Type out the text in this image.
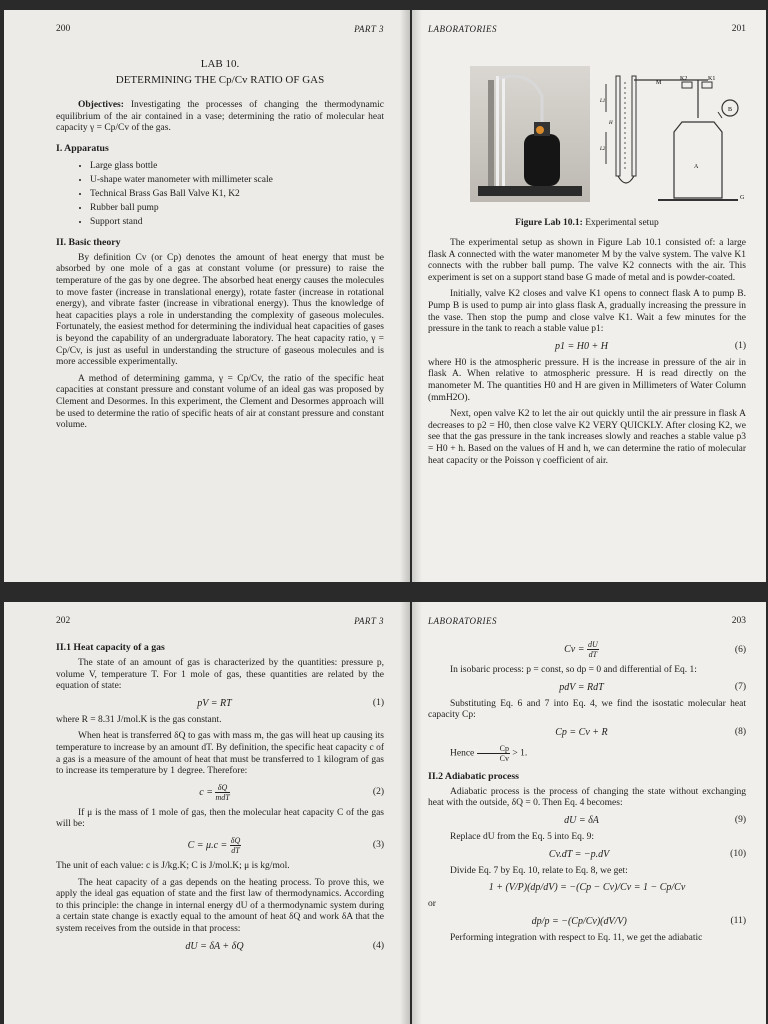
200	PART 3
LAB 10.
DETERMINING THE Cp/Cv RATIO OF GAS

Objectives: Investigating the processes of changing the thermodynamic equilibrium of the air contained in a vase; determining the ratio of molecular heat capacity γ = Cp/Cv of the gas.

I. Apparatus
• Large glass bottle
• U-shape water manometer with millimeter scale
• Technical Brass Gas Ball Valve K1, K2
• Rubber ball pump
• Support stand
II. Basic theory

By definition Cv (or Cp) denotes the amount of heat energy that must be absorbed by one mole of a gas at constant volume (or pressure) to raise the temperature of the gas by one degree. The absorbed heat energy causes the molecules to move faster (increase in translational energy), rotate faster (increase in rotational energy), and vibrate faster (increase in vibrational energy). Thus the knowledge of heat capacities plays a role in understanding the complexity of gaseous molecules. Fortunately, the easiest method for determining the individual heat capacities of gases is beyond the capability of an undergraduate laboratory. The heat capacity ratio, γ = Cp/Cv, is just as useful in understanding the structure of gaseous molecules and is more accessible experimentally.

A method of determining gamma, γ = Cp/Cv, the ratio of the specific heat capacities at constant pressure and constant volume of an ideal gas was proposed by Clement and Desormes. In this experiment, the Clement and Desormes approach will be used to determine the ratio of specific heats of air at constant pressure and constant volume.

LABORATORIES	201
M
K2	K1
B
A
G
L1
H
L2
Figure Lab 10.1: Experimental setup

The experimental setup as shown in Figure Lab 10.1 consisted of: a large flask A connected with the water manometer M by the valve system. The valve K1 connects with the rubber ball pump. The valve K2 connects with the air. This experiment is set on a support stand base G made of metal and is powder-coated.

Initially, valve K2 closes and valve K1 opens to connect flask A to pump B. Pump B is used to pump air into glass flask A, gradually increasing the pressure in the vase. Then stop the pump and close valve K1. Wait a few minutes for the pressure in the tank to reach a stable value p1:

p1 = H0 + H	(1)

where H0 is the atmospheric pressure. H is the increase in pressure of the air in flask A. When relative to atmospheric pressure. H is read directly on the manometer M. The quantities H0 and H are given in Millimeters of Water Column (mmH2O).

Next, open valve K2 to let the air out quickly until the air pressure in flask A decreases to p2 = H0, then close valve K2 VERY QUICKLY. After closing K2, we see that the gas pressure in the tank increases slowly and reaches a stable value p3 = H0 + h. Based on the values of H and h, we can determine the ratio of molecular heat capacity or the Poisson γ coefficient of air.

202	PART 3
II.1 Heat capacity of a gas

The state of an amount of gas is characterized by the quantities: pressure p, volume V, temperature T. For 1 mole of gas, these quantities are related by the equation of state:

pV = RT	(1)

where R = 8.31 J/mol.K is the gas constant.

When heat is transferred δQ to gas with mass m, the gas will heat up causing its temperature to increase by an amount dT. By definition, the specific heat capacity c of a gas is a measure of the amount of heat that must be transferred to 1 kilogram of gas to increase its temperature by 1 degree. Therefore:

$c = \frac{\delta Q}{\text{mdT}}$	(2)

If μ is the mass of 1 mole of gas, then the molecular heat capacity C of the gas will be:

$C = \mu.c = \frac{\delta Q}{dT}$	(3)

The unit of each value: c is J/kg.K; C is J/mol.K; μ is kg/mol.

The heat capacity of a gas depends on the heating process. To prove this, we apply the ideal gas equation of state and the first law of thermodynamics. According to this principle: the change in internal energy dU of a thermodynamic system during a certain state change is exactly equal to the amount of heat δQ and work δA that the system receives from the outside in that process:

dU = δA + δQ	(4)
LABORATORIES	203
$Cv = \frac{dU}{dT}$	(6)

In isobaric process: p = const, so dp = 0 and differential of Eq. 1:

pdV = RdT	(7)

Substituting Eq. 6 and 7 into Eq. 4, we find the isostatic molecular heat capacity Cp:

Cp = Cv + R	(8)

Hence $\frac{Cp}{Cv} > 1$.

II.2 Adiabatic process

Adiabatic process is the process of changing the state without exchanging heat with the outside, δQ = 0. Then Eq. 4 becomes:

dU = δA	(9)

Replace dU from the Eq. 5 into Eq. 9:

Cv.dT = −p.dV	(10)

Divide Eq. 7 by Eq. 10, relate to Eq. 8, we get:

1 + (V/P)(dp/dV) = −(Cp − Cv)/Cv = 1 − Cp/Cv

or

dp/p = −(Cp/Cv)(dV/V)	(11)

Performing integration with respect to Eq. 11, we get the adiabatic
